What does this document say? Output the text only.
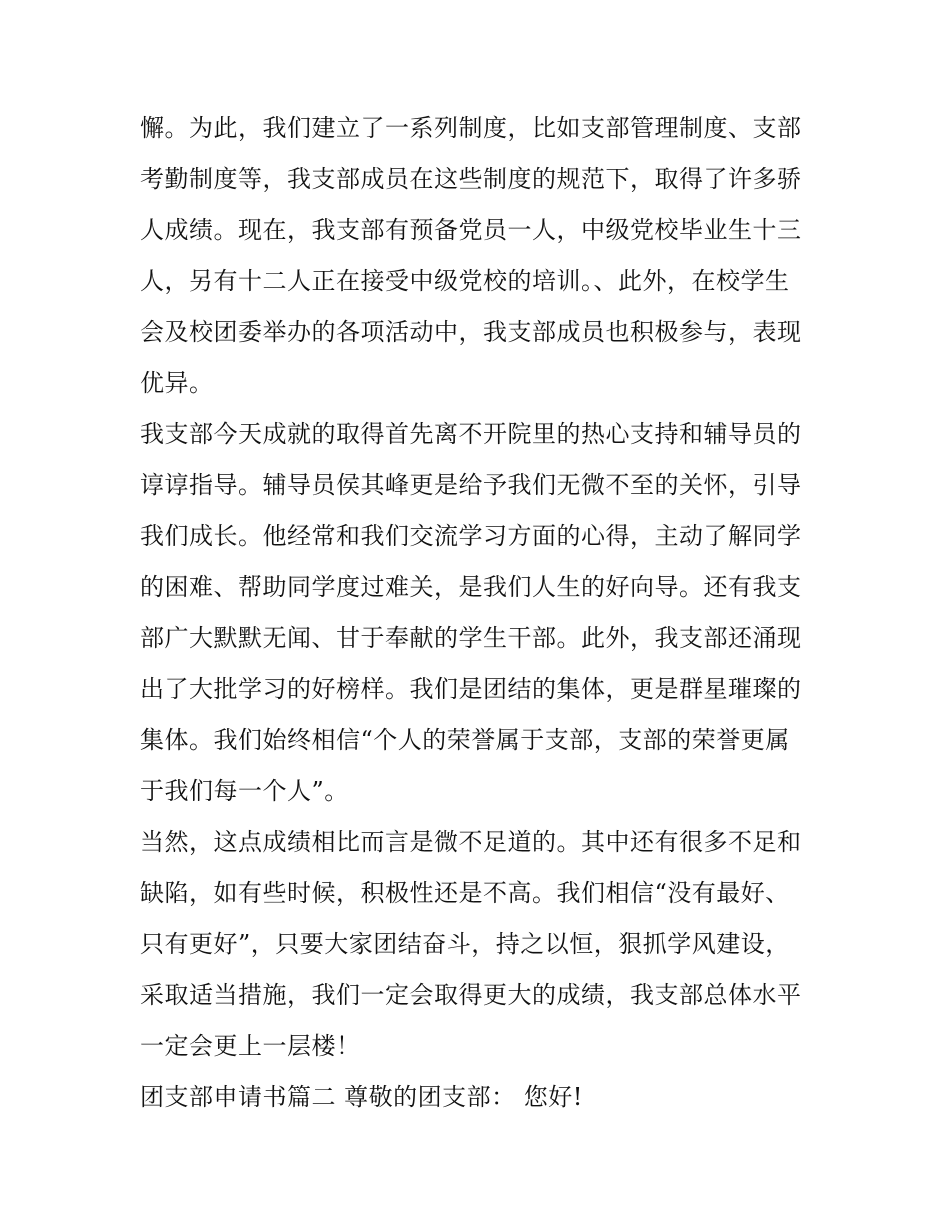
懈。为此，我们建立了一系列制度，比如支部管理制度、支部
考勤制度等，我支部成员在这些制度的规范下，取得了许多骄
人成绩。现在，我支部有预备党员一人，中级党校毕业生十三
人，另有十二人正在接受中级党校的培训。、此外，在校学生
会及校团委举办的各项活动中，我支部成员也积极参与，表现
优异。
我支部今天成就的取得首先离不开院里的热心支持和辅导员的
谆谆指导。辅导员侯其峰更是给予我们无微不至的关怀，引导
我们成长。他经常和我们交流学习方面的心得，主动了解同学
的困难、帮助同学度过难关，是我们人生的好向导。还有我支
部广大默默无闻、甘于奉献的学生干部。此外，我支部还涌现
出了大批学习的好榜样。我们是团结的集体，更是群星璀璨的
集体。我们始终相信“个人的荣誉属于支部，支部的荣誉更属
于我们每一个人”。
当然，这点成绩相比而言是微不足道的。其中还有很多不足和
缺陷，如有些时候，积极性还是不高。我们相信“没有最好、
只有更好”，只要大家团结奋斗，持之以恒，狠抓学风建设，
采取适当措施，我们一定会取得更大的成绩，我支部总体水平
一定会更上一层楼！
团支部申请书篇二 尊敬的团支部： 您好!
